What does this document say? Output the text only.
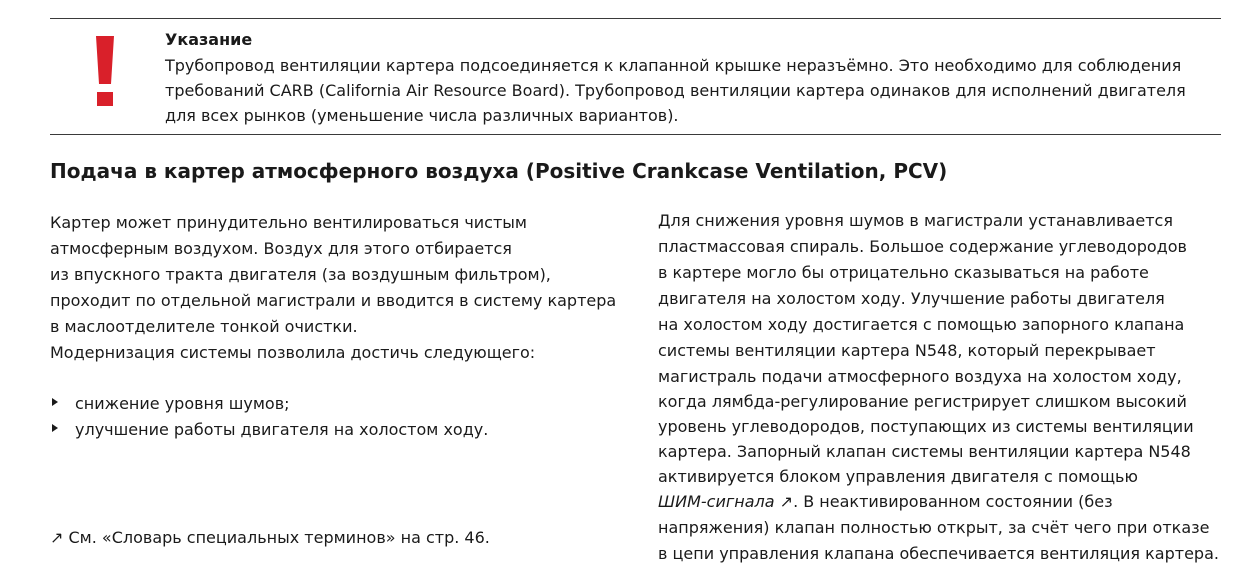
Указание
Трубопровод вентиляции картера подсоединяется к клапанной крышке неразъёмно. Это необходимо для соблюдения
требований CARB (California Air Resource Board). Трубопровод вентиляции картера одинаков для исполнений двигателя
для всех рынков (уменьшение числа различных вариантов).
Подача в картер атмосферного воздуха (Positive Crankcase Ventilation, PCV)
Картер может принудительно вентилироваться чистым
атмосферным воздухом. Воздух для этого отбирается
из впускного тракта двигателя (за воздушным фильтром),
проходит по отдельной магистрали и вводится в систему картера
в маслоотделителе тонкой очистки.
Модернизация системы позволила достичь следующего:
снижение уровня шумов;
улучшение работы двигателя на холостом ходу.
↗ См. «Словарь специальных терминов» на стр. 46.
Для снижения уровня шумов в магистрали устанавливается
пластмассовая спираль. Большое содержание углеводородов
в картере могло бы отрицательно сказываться на работе
двигателя на холостом ходу. Улучшение работы двигателя
на холостом ходу достигается с помощью запорного клапана
системы вентиляции картера N548, который перекрывает
магистраль подачи атмосферного воздуха на холостом ходу,
когда лямбда-регулирование регистрирует слишком высокий
уровень углеводородов, поступающих из системы вентиляции
картера. Запорный клапан системы вентиляции картера N548
активируется блоком управления двигателя с помощью
ШИМ-сигнала ↗. В неактивированном состоянии (без
напряжения) клапан полностью открыт, за счёт чего при отказе
в цепи управления клапана обеспечивается вентиляция картера.
